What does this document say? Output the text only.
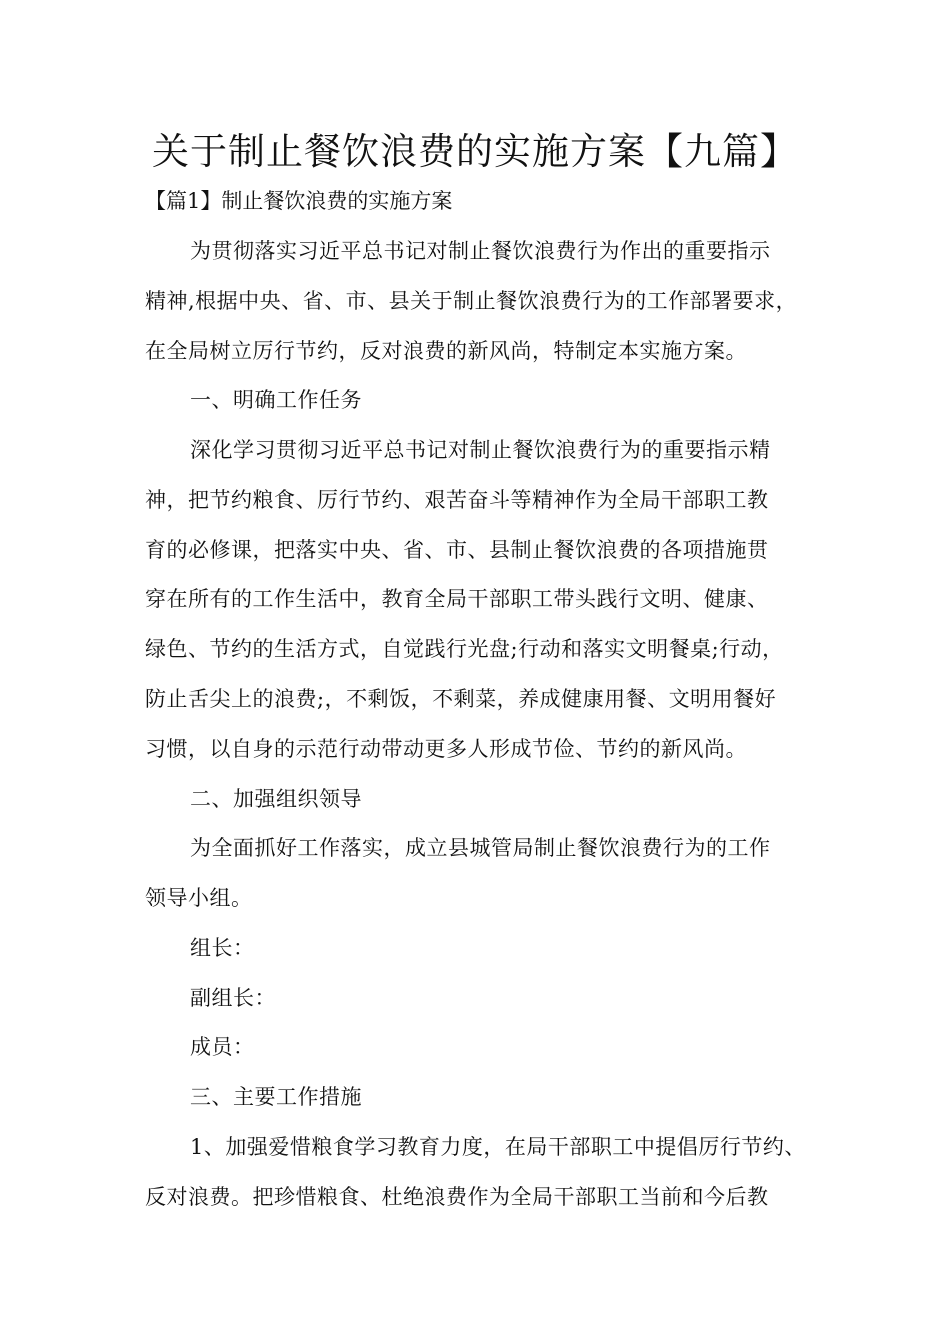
关于制止餐饮浪费的实施方案【九篇】
【篇1】制止餐饮浪费的实施方案
为贯彻落实习近平总书记对制止餐饮浪费行为作出的重要指示
精神,根据中央、省、市、县关于制止餐饮浪费行为的工作部署要求，
在全局树立厉行节约，反对浪费的新风尚，特制定本实施方案。
一、明确工作任务
深化学习贯彻习近平总书记对制止餐饮浪费行为的重要指示精
神，把节约粮食、厉行节约、艰苦奋斗等精神作为全局干部职工教
育的必修课，把落实中央、省、市、县制止餐饮浪费的各项措施贯
穿在所有的工作生活中，教育全局干部职工带头践行文明、健康、
绿色、节约的生活方式，自觉践行光盘;行动和落实文明餐桌;行动，
防止舌尖上的浪费;，不剩饭，不剩菜，养成健康用餐、文明用餐好
习惯，以自身的示范行动带动更多人形成节俭、节约的新风尚。
二、加强组织领导
为全面抓好工作落实，成立县城管局制止餐饮浪费行为的工作
领导小组。
组长：
副组长：
成员：
三、主要工作措施
1、加强爱惜粮食学习教育力度，在局干部职工中提倡厉行节约、
反对浪费。把珍惜粮食、杜绝浪费作为全局干部职工当前和今后教
